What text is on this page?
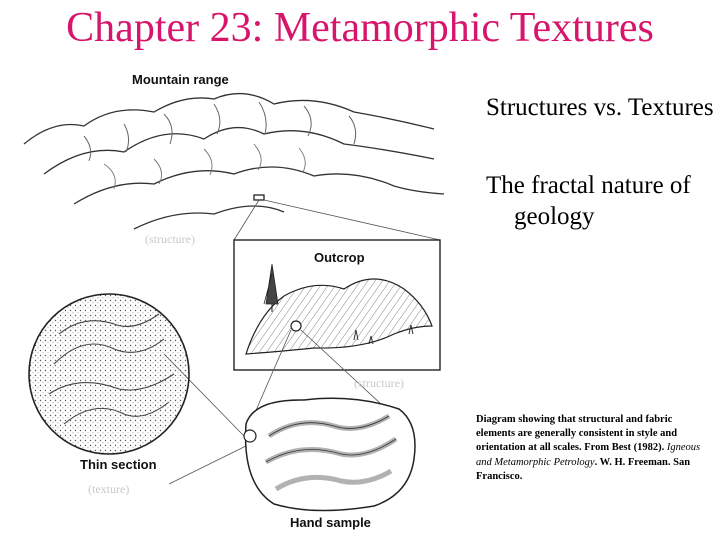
Chapter 23: Metamorphic Textures
Mountain range
Outcrop
Thin section
Hand sample
(structure)
(structure)
(texture)
Structures vs. Textures
The fractal nature of geology
Diagram showing that structural and fabric elements are generally consistent in style and orientation at all scales. From Best (1982). Igneous and Metamorphic Petrology. W. H. Freeman. San Francisco.
